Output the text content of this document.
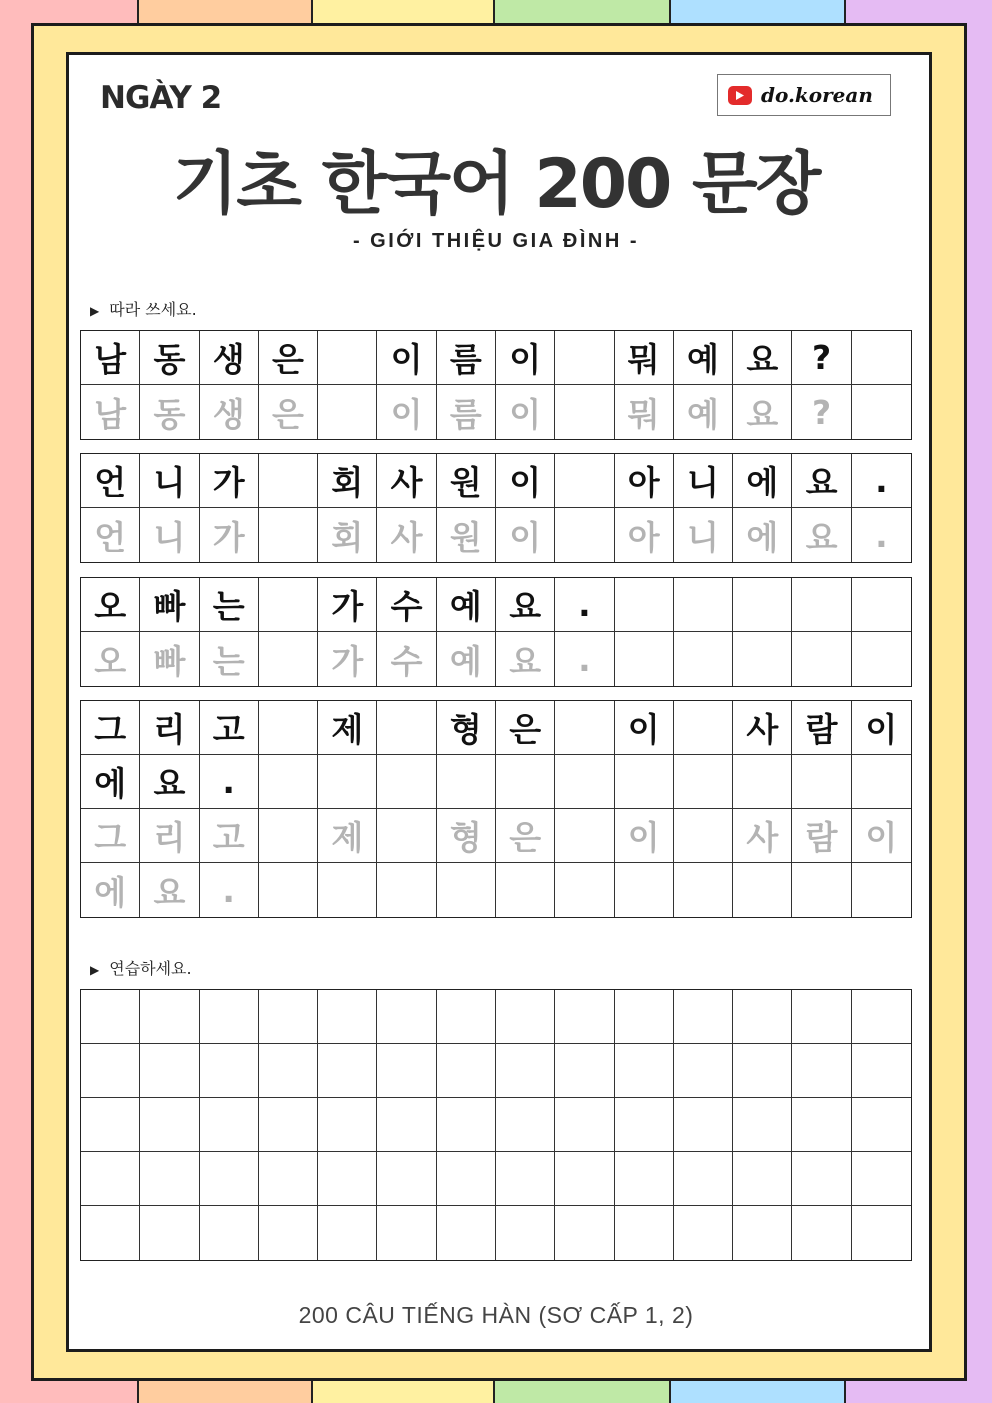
NGÀY 2	do.korean
기초 한국어 200 문장
- GIỚI THIỆU GIA ĐÌNH -
▶ 따라 쓰세요.
남 동 생 은	이 름 이	뭐 예 요	?
남 동 생 은	이 름 이	뭐 예 요	?
언 니 가	회 사 원 이	아 니 에 요	.
언 니 가	회 사 원 이	아 니 에 요	.
오 빠 는	가 수 예 요	.
오 빠 는	가 수 예 요	.
그 리 고	제	형 은	이	사 람 이
에 요	.
그 리 고	제	형 은	이	사 람 이
에 요	.
▶ 연습하세요.
200 CÂU TIẾNG HÀN (SƠ CẤP 1, 2)
